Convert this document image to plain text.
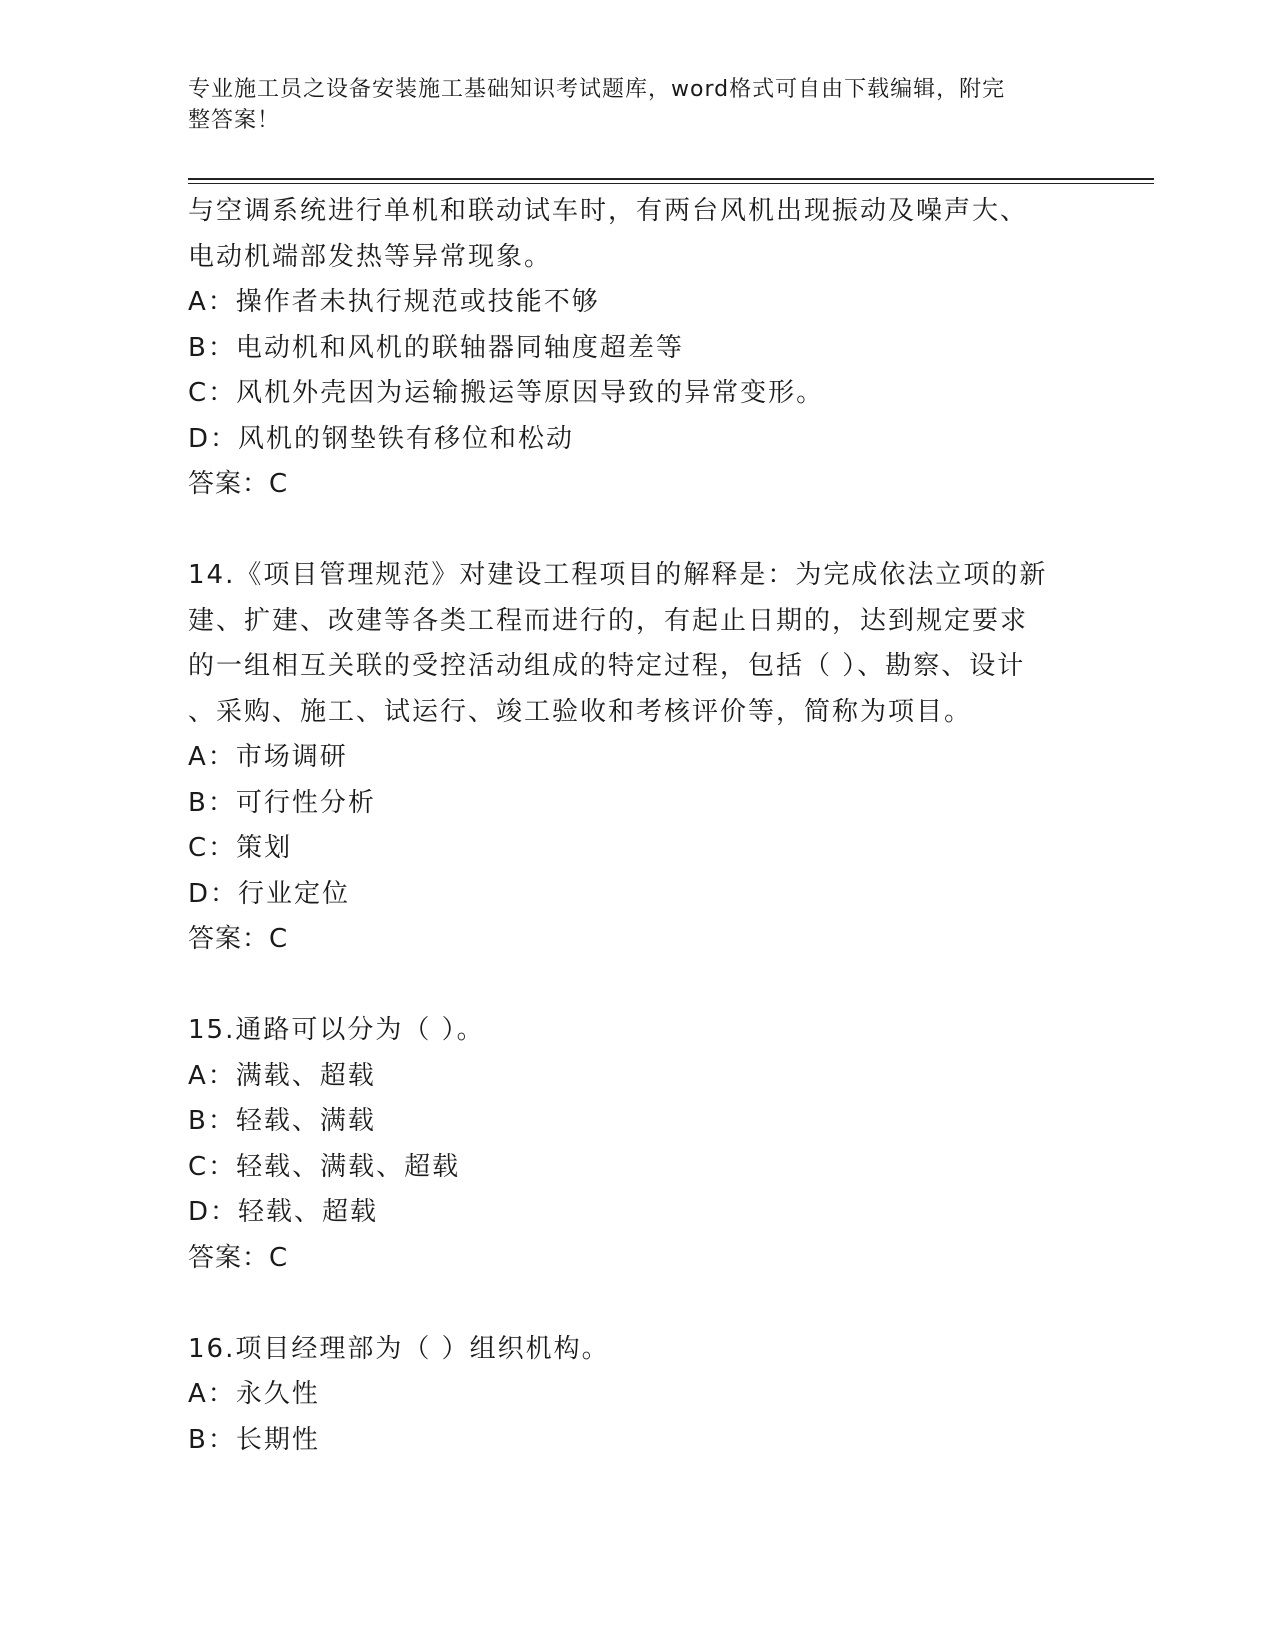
专业施工员之设备安装施工基础知识考试题库，word格式可自由下载编辑，附完
整答案！
与空调系统进行单机和联动试车时，有两台风机出现振动及噪声大、
电动机端部发热等异常现象。
A：操作者未执行规范或技能不够
B：电动机和风机的联轴器同轴度超差等
C：风机外壳因为运输搬运等原因导致的异常变形。
D：风机的钢垫铁有移位和松动
答案：C
14.《项目管理规范》对建设工程项目的解释是：为完成依法立项的新
建、扩建、改建等各类工程而进行的，有起止日期的，达到规定要求
的一组相互关联的受控活动组成的特定过程，包括（ ）、勘察、设计
、采购、施工、试运行、竣工验收和考核评价等，简称为项目。
A：市场调研
B：可行性分析
C：策划
D：行业定位
答案：C
15.通路可以分为（ ）。
A：满载、超载
B：轻载、满载
C：轻载、满载、超载
D：轻载、超载
答案：C
16.项目经理部为（ ）组织机构。
A：永久性
B：长期性
